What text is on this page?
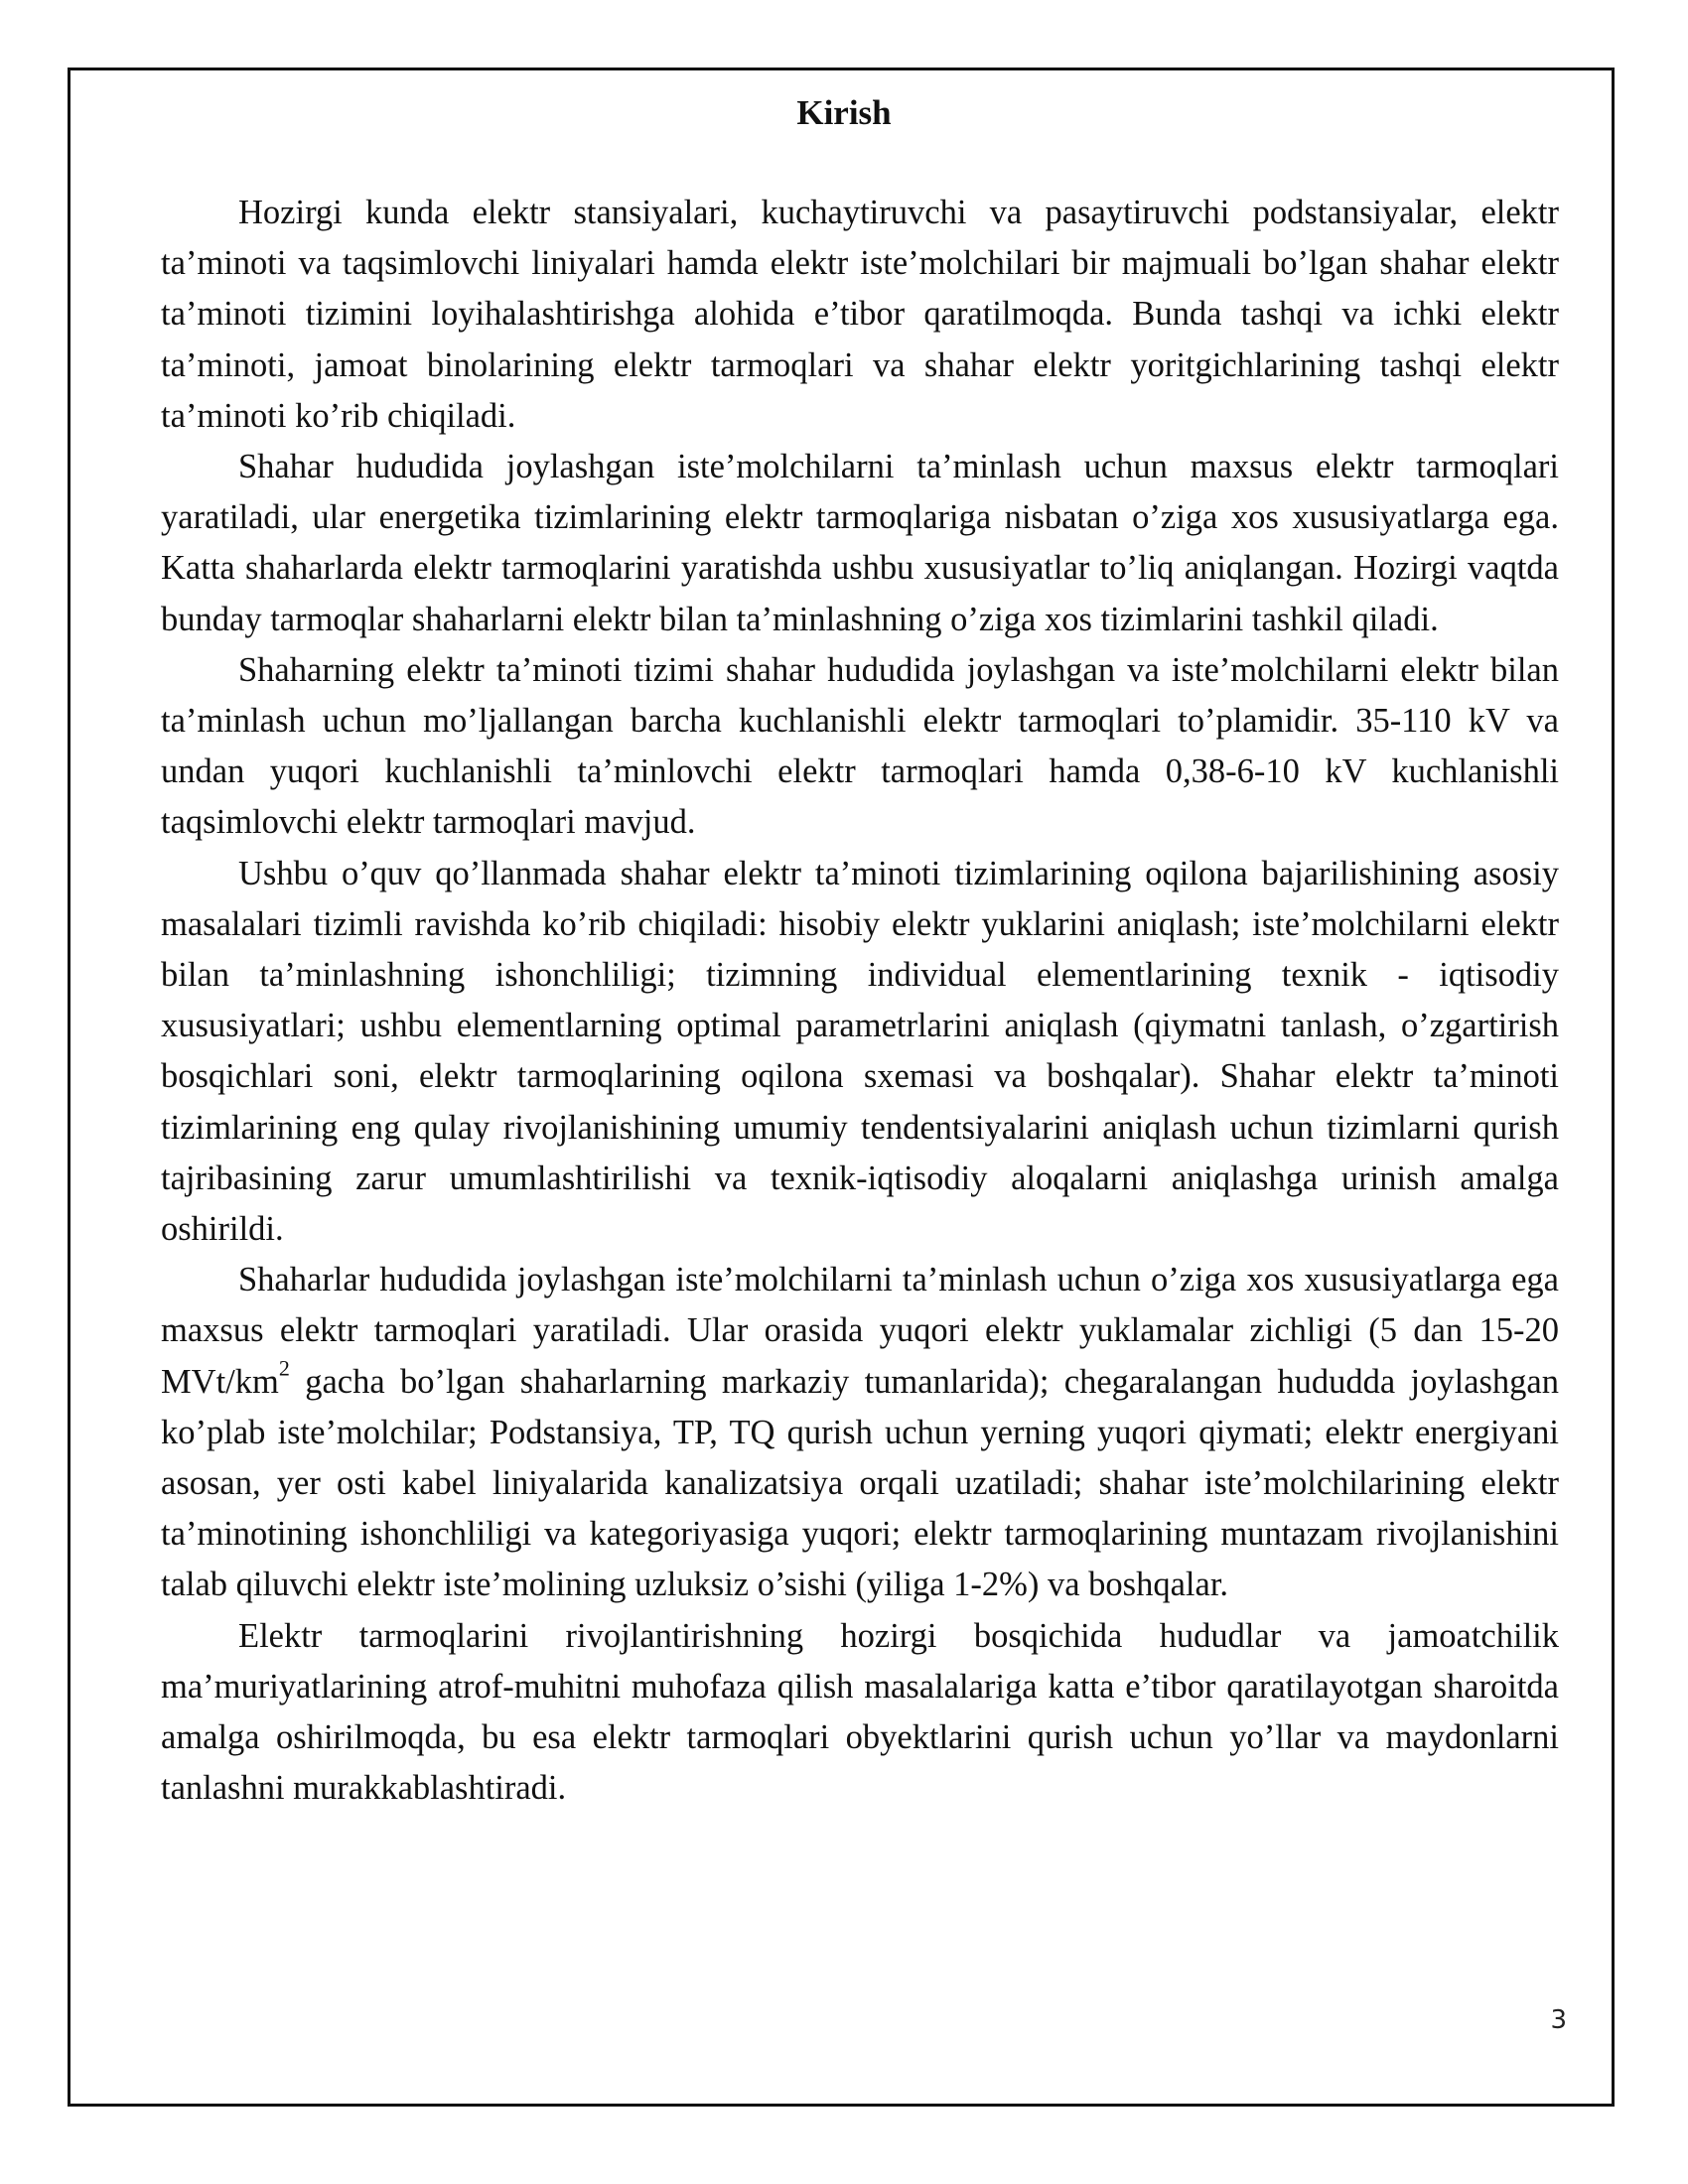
Kirish

Hozirgi kunda elektr stansiyalari, kuchaytiruvchi va pasaytiruvchi podstansiyalar, elektr ta’minoti va taqsimlovchi liniyalari hamda elektr iste’molchilari bir majmuali bo’lgan shahar elektr ta’minoti tizimini loyihalashtirishga alohida e’tibor qaratilmoqda. Bunda tashqi va ichki elektr ta’minoti, jamoat binolarining elektr tarmoqlari va shahar elektr yoritgichlarining tashqi elektr ta’minoti ko’rib chiqiladi.

Shahar hududida joylashgan iste’molchilarni ta’minlash uchun maxsus elektr tarmoqlari yaratiladi, ular energetika tizimlarining elektr tarmoqlariga nisbatan o’ziga xos xususiyatlarga ega. Katta shaharlarda elektr tarmoqlarini yaratishda ushbu xususiyatlar to’liq aniqlangan. Hozirgi vaqtda bunday tarmoqlar shaharlarni elektr bilan ta’minlashning o’ziga xos tizimlarini tashkil qiladi.

Shaharning elektr ta’minoti tizimi shahar hududida joylashgan va iste’molchilarni elektr bilan ta’minlash uchun mo’ljallangan barcha kuchlanishli elektr tarmoqlari to’plamidir. 35-110 kV va undan yuqori kuchlanishli ta’minlovchi elektr tarmoqlari hamda 0,38-6-10 kV kuchlanishli taqsimlovchi elektr tarmoqlari mavjud.

Ushbu o’quv qo’llanmada shahar elektr ta’minoti tizimlarining oqilona bajarilishining asosiy masalalari tizimli ravishda ko’rib chiqiladi: hisobiy elektr yuklarini aniqlash; iste’molchilarni elektr bilan ta’minlashning ishonchliligi; tizimning individual elementlarining texnik - iqtisodiy xususiyatlari; ushbu elementlarning optimal parametrlarini aniqlash (qiymatni tanlash, o’zgartirish bosqichlari soni, elektr tarmoqlarining oqilona sxemasi va boshqalar). Shahar elektr ta’minoti tizimlarining eng qulay rivojlanishining umumiy tendentsiyalarini aniqlash uchun tizimlarni qurish tajribasining zarur umumlashtirilishi va texnik-iqtisodiy aloqalarni aniqlashga urinish amalga oshirildi.

Shaharlar hududida joylashgan iste’molchilarni ta’minlash uchun o’ziga xos xususiyatlarga ega maxsus elektr tarmoqlari yaratiladi. Ular orasida yuqori elektr yuklamalar zichligi (5 dan 15-20 MVt/$km^2$ gacha bo’lgan shaharlarning markaziy tumanlarida); chegaralangan hududda joylashgan ko’plab iste’molchilar; Podstansiya, TP, TQ qurish uchun yerning yuqori qiymati; elektr energiyani asosan, yer osti kabel liniyalarida kanalizatsiya orqali uzatiladi; shahar iste’molchilarining elektr ta’minotining ishonchliligi va kategoriyasiga yuqori; elektr tarmoqlarining muntazam rivojlanishini talab qiluvchi elektr iste’molining uzluksiz o’sishi (yiliga 1-2%) va boshqalar.

Elektr tarmoqlarini rivojlantirishning hozirgi bosqichida hududlar va jamoatchilik ma’muriyatlarining atrof-muhitni muhofaza qilish masalalariga katta e’tibor qaratilayotgan sharoitda amalga oshirilmoqda, bu esa elektr tarmoqlari obyektlarini qurish uchun yo’llar va maydonlarni tanlashni murakkablashtiradi.

3
